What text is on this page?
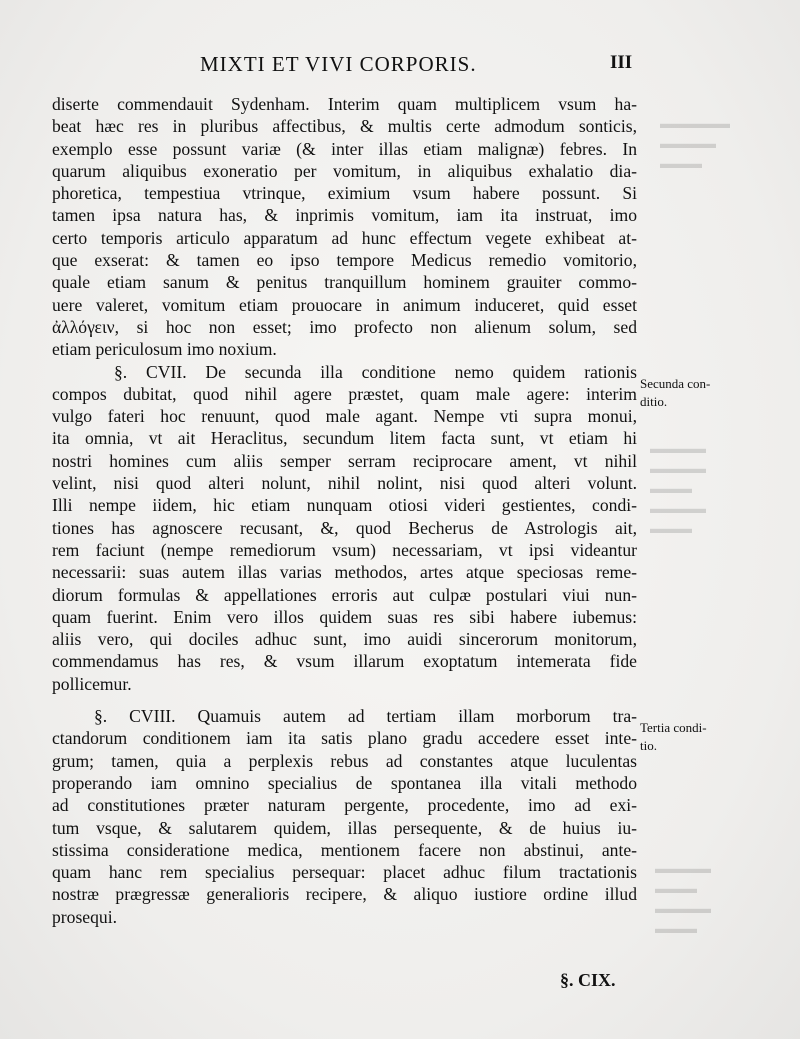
▬▬▬▬▬
▬▬▬▬
▬▬▬

▬▬▬▬
▬▬▬▬
▬▬▬
▬▬▬▬
▬▬▬

▬▬▬▬
▬▬▬
▬▬▬▬
▬▬▬

MIXTI ET VIVI CORPORIS.	III
diserte commendauit Sydenham. Interim quam multiplicem vsum ha-
beat hæc res in pluribus affectibus, & multis certe admodum sonticis,
exemplo esse possunt variæ (& inter illas etiam malignæ) febres. In
quarum aliquibus exoneratio per vomitum, in aliquibus exhalatio dia-
phoretica, tempestiua vtrinque, eximium vsum habere possunt. Si
tamen ipsa natura has, & inprimis vomitum, iam ita instruat, imo
certo temporis articulo apparatum ad hunc effectum vegete exhibeat at-
que exserat: & tamen eo ipso tempore Medicus remedio vomitorio,
quale etiam sanum & penitus tranquillum hominem grauiter commo-
uere valeret, vomitum etiam prouocare in animum induceret, quid esset
ἀλλόγειν, si hoc non esset; imo profecto non alienum solum, sed
etiam periculosum imo noxium.
§. CVII. De secunda illa conditione nemo quidem rationis
compos dubitat, quod nihil agere præstet, quam male agere: interim
vulgo fateri hoc renuunt, quod male agant. Nempe vti supra monui,
ita omnia, vt ait Heraclitus, secundum litem facta sunt, vt etiam hi
nostri homines cum aliis semper serram reciprocare ament, vt nihil
velint, nisi quod alteri nolunt, nihil nolint, nisi quod alteri volunt.
Illi nempe iidem, hic etiam nunquam otiosi videri gestientes, condi-
tiones has agnoscere recusant, &, quod Becherus de Astrologis ait,
rem faciunt (nempe remediorum vsum) necessariam, vt ipsi videantur
necessarii: suas autem illas varias methodos, artes atque speciosas reme-
diorum formulas & appellationes erroris aut culpæ postulari viui nun-
quam fuerint. Enim vero illos quidem suas res sibi habere iubemus:
aliis vero, qui dociles adhuc sunt, imo auidi sincerorum monitorum,
commendamus has res, & vsum illarum exoptatum intemerata fide
pollicemur.
§. CVIII. Quamuis autem ad tertiam illam morborum tra-
ctandorum conditionem iam ita satis plano gradu accedere esset inte-
grum; tamen, quia a perplexis rebus ad constantes atque luculentas
properando iam omnino specialius de spontanea illa vitali methodo
ad constitutiones præter naturam pergente, procedente, imo ad exi-
tum vsque, & salutarem quidem, illas persequente, & de huius iu-
stissima consideratione medica, mentionem facere non abstinui, ante-
quam hanc rem specialius persequar: placet adhuc filum tractationis
nostræ prægressæ generalioris recipere, & aliquo iustiore ordine illud
prosequi.
Secunda con-
ditio.
Tertia condi-
tio.
§. CIX.
